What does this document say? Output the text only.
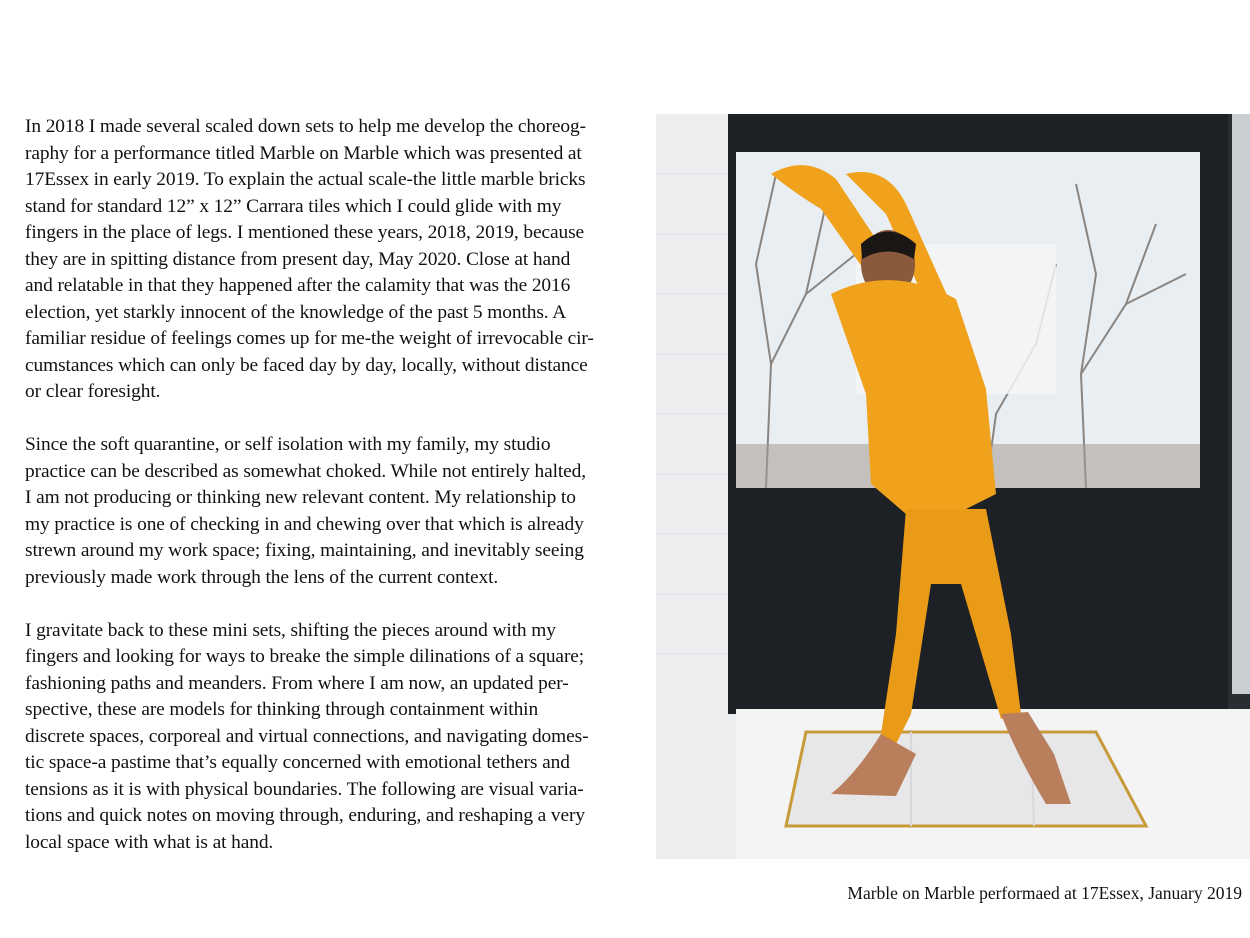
In 2018 I made several scaled down sets to help me develop the choreog-
raphy for a performance titled Marble on Marble which was presented at
17Essex in early 2019. To explain the actual scale-the little marble bricks
stand for standard 12” x 12” Carrara tiles which I could glide with my
fingers in the place of legs. I mentioned these years, 2018, 2019, because
they are in spitting distance from present day, May 2020. Close at hand
and relatable in that they happened after the calamity that was the 2016
election, yet starkly innocent of the knowledge of the past 5 months. A
familiar residue of feelings comes up for me-the weight of irrevocable cir-
cumstances which can only be faced day by day, locally, without distance
or clear foresight.
Since the soft quarantine, or self isolation with my family, my studio
practice can be described as somewhat choked. While not entirely halted,
I am not producing or thinking new relevant content. My relationship to
my practice is one of checking in and chewing over that which is already
strewn around my work space; fixing, maintaining, and inevitably seeing
previously made work through the lens of the current context.
I gravitate back to these mini sets, shifting the pieces around with my
fingers and looking for ways to breake the simple dilinations of a square;
fashioning paths and meanders. From where I am now, an updated per-
spective, these are models for thinking through containment within
discrete spaces, corporeal and virtual connections, and navigating domes-
tic space-a pastime that’s equally concerned with emotional tethers and
tensions as it is with physical boundaries. The following are visual varia-
tions and quick notes on moving through, enduring, and reshaping a very
local space with what is at hand.
Marble on Marble performaed at 17Essex, January 2019
